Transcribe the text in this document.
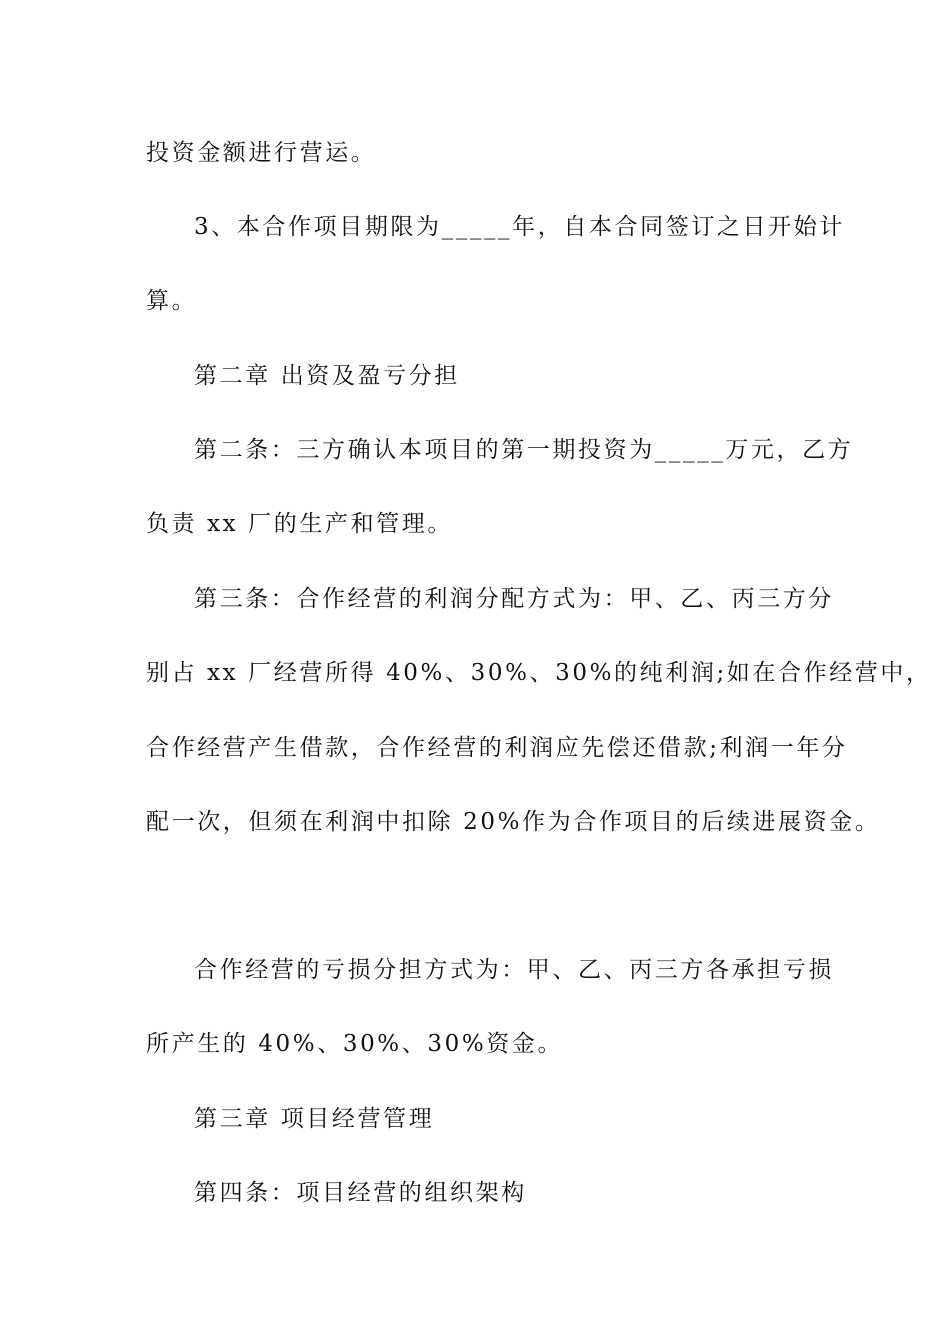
投资金额进行营运。
3、本合作项目期限为_____年，自本合同签订之日开始计
算。
第二章 出资及盈亏分担
第二条：三方确认本项目的第一期投资为_____万元，乙方
负责 xx 厂的生产和管理。
第三条：合作经营的利润分配方式为：甲、乙、丙三方分
别占 xx 厂经营所得 40%、30%、30%的纯利润;如在合作经营中，
合作经营产生借款，合作经营的利润应先偿还借款;利润一年分
配一次，但须在利润中扣除 20%作为合作项目的后续进展资金。
合作经营的亏损分担方式为：甲、乙、丙三方各承担亏损
所产生的 40%、30%、30%资金。
第三章 项目经营管理
第四条：项目经营的组织架构
